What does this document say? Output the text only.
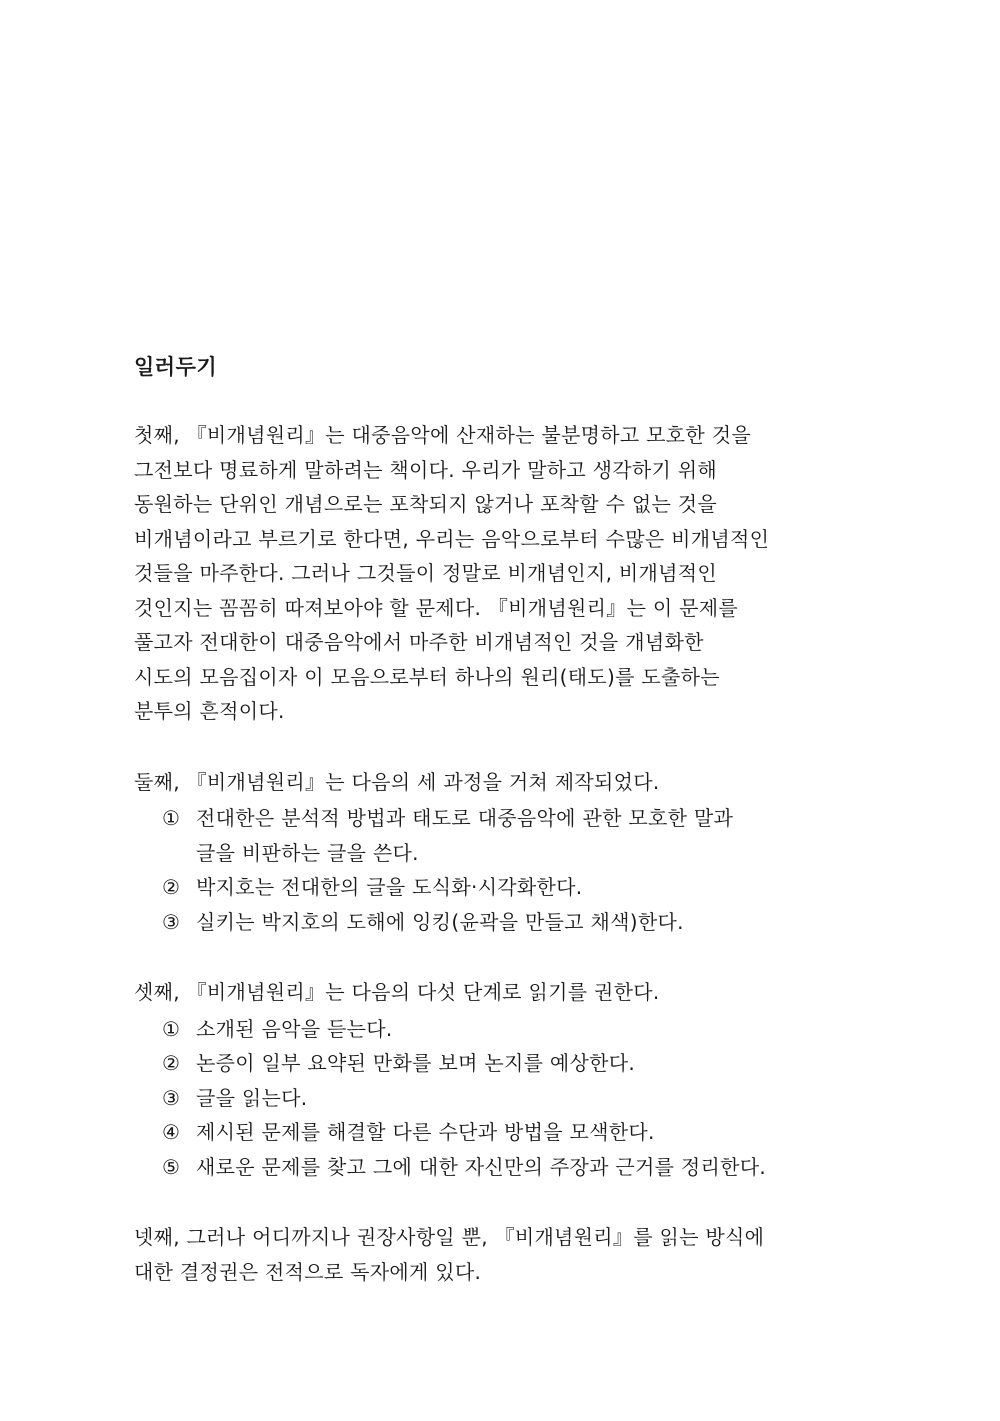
일러두기

첫째, 『비개념원리』는 대중음악에 산재하는 불분명하고 모호한 것을
그전보다 명료하게 말하려는 책이다. 우리가 말하고 생각하기 위해
동원하는 단위인 개념으로는 포착되지 않거나 포착할 수 없는 것을
비개념이라고 부르기로 한다면, 우리는 음악으로부터 수많은 비개념적인
것들을 마주한다. 그러나 그것들이 정말로 비개념인지, 비개념적인
것인지는 꼼꼼히 따져보아야 할 문제다. 『비개념원리』는 이 문제를
풀고자 전대한이 대중음악에서 마주한 비개념적인 것을 개념화한
시도의 모음집이자 이 모음으로부터 하나의 원리(태도)를 도출하는
분투의 흔적이다.

둘째, 『비개념원리』는 다음의 세 과정을 거쳐 제작되었다.

① 전대한은 분석적 방법과 태도로 대중음악에 관한 모호한 말과
글을 비판하는 글을 쓴다.
② 박지호는 전대한의 글을 도식화·시각화한다.
③ 실키는 박지호의 도해에 잉킹(윤곽을 만들고 채색)한다.

셋째, 『비개념원리』는 다음의 다섯 단계로 읽기를 권한다.

① 소개된 음악을 듣는다.
② 논증이 일부 요약된 만화를 보며 논지를 예상한다.
③ 글을 읽는다.
④ 제시된 문제를 해결할 다른 수단과 방법을 모색한다.
⑤ 새로운 문제를 찾고 그에 대한 자신만의 주장과 근거를 정리한다.

넷째, 그러나 어디까지나 권장사항일 뿐, 『비개념원리』를 읽는 방식에
대한 결정권은 전적으로 독자에게 있다.
